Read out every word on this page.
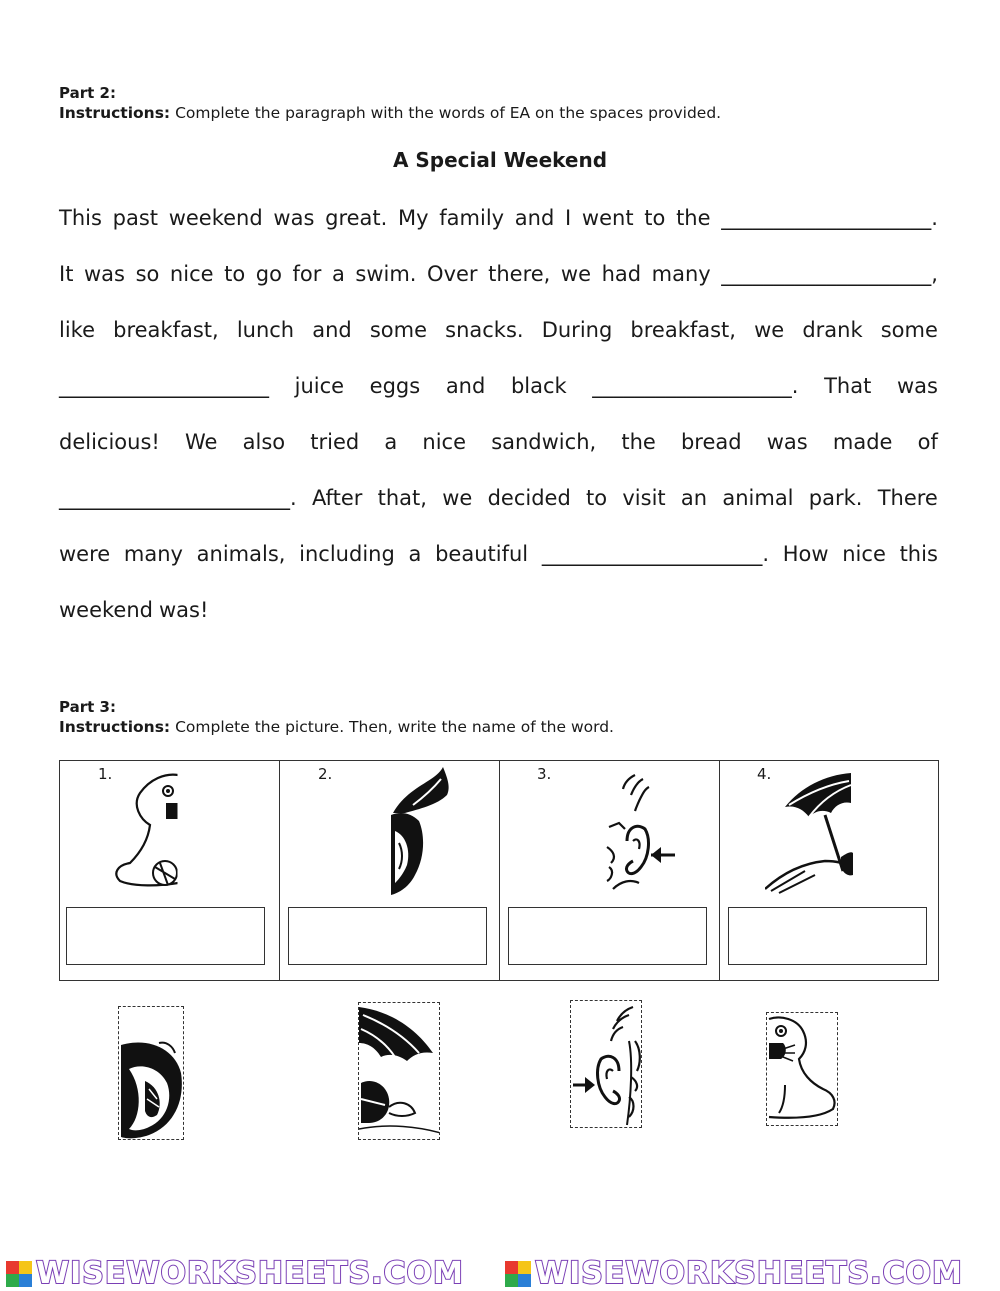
Part 2:
Instructions: Complete the paragraph with the words of EA on the spaces provided.
A Special Weekend
This past weekend was great. My family and I went to the ____________________.
It was so nice to go for a swim. Over there, we had many ____________________,
like breakfast, lunch and some snacks. During breakfast, we drank some
____________________ juice eggs and black ___________________. That was
delicious! We also tried a nice sandwich, the bread was made of
______________________. After that, we decided to visit an animal park. There
were many animals, including a beautiful _____________________. How nice this
weekend was!
Part 3:
Instructions: Complete the picture. Then, write the name of the word.
1.	2.	3.	4.
WISEWORKSHEETS.COM WISEWORKSHEETS.COM
